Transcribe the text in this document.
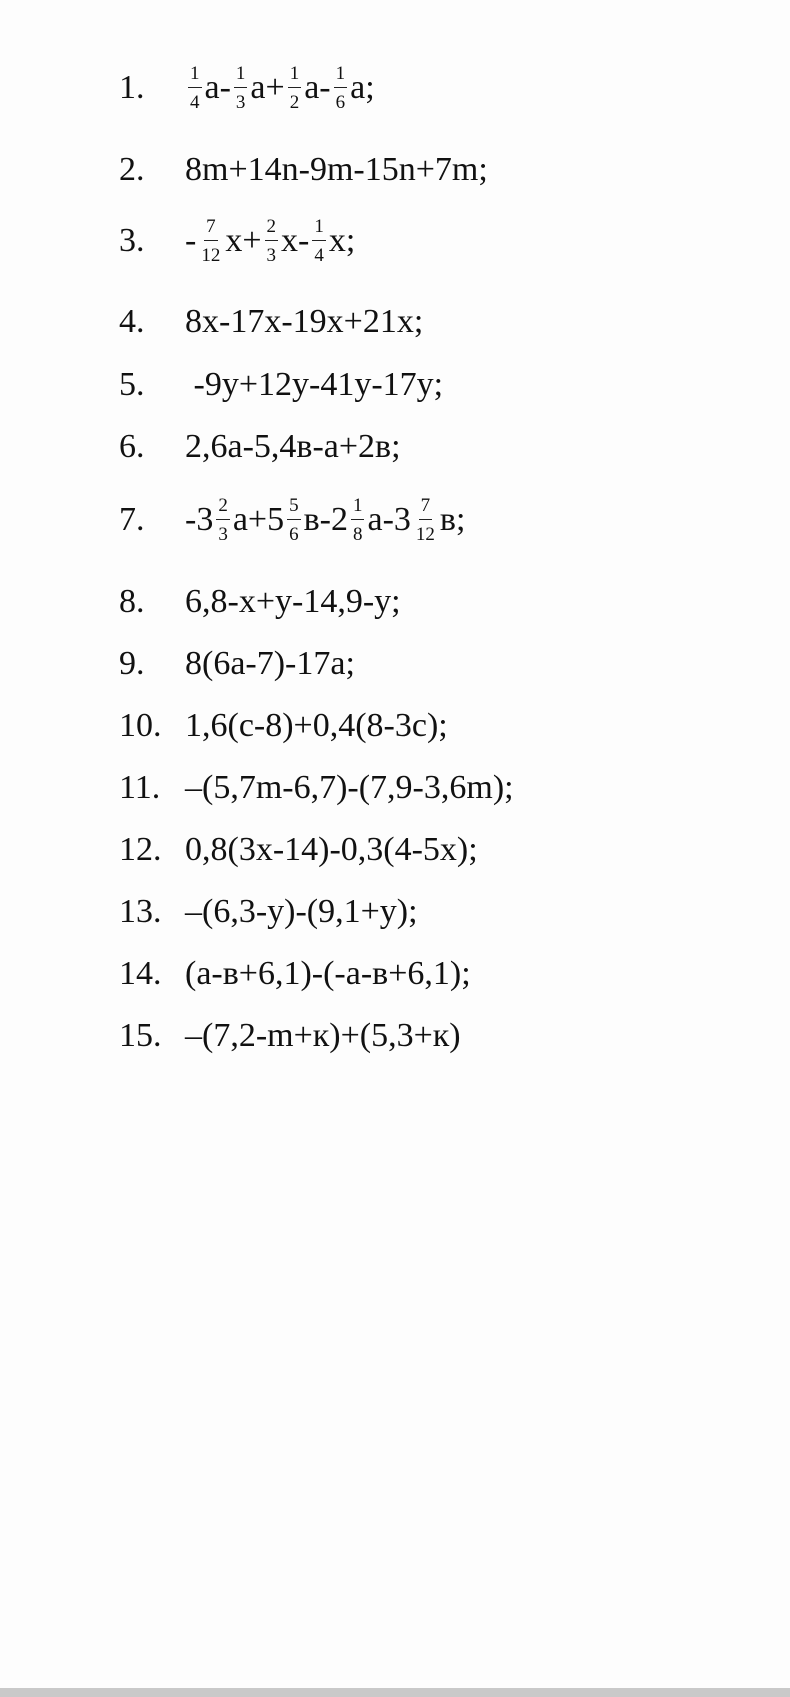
1. $\frac{1}{4} a- \frac{1}{3} a+ \frac{1}{2} a- \frac{1}{6} a$;
2. 8m+14n-9m-15n+7m;
3. - $\frac{7}{12} x+ \frac{2}{3} x- \frac{1}{4} x$;
4. 8x-17x-19x+21x;
5. -9y+12y-41y-17y;
6. 2,6a-5,4в-a+2в;
7. $-3 \frac{2}{3} a+5 \frac{5}{6} в-2 \frac{1}{8} a-3 \frac{7}{12} в$;
8. 6,8-x+y-14,9-y;
9. 8(6a-7)-17a;
10. 1,6(c-8)+0,4(8-3c);
11. –(5,7m-6,7)-(7,9-3,6m);
12. 0,8(3x-14)-0,3(4-5x);
13. –(6,3-y)-(9,1+y);
14. (a-в+6,1)-(-a-в+6,1);
15. –(7,2-m+к)+(5,3+к)
